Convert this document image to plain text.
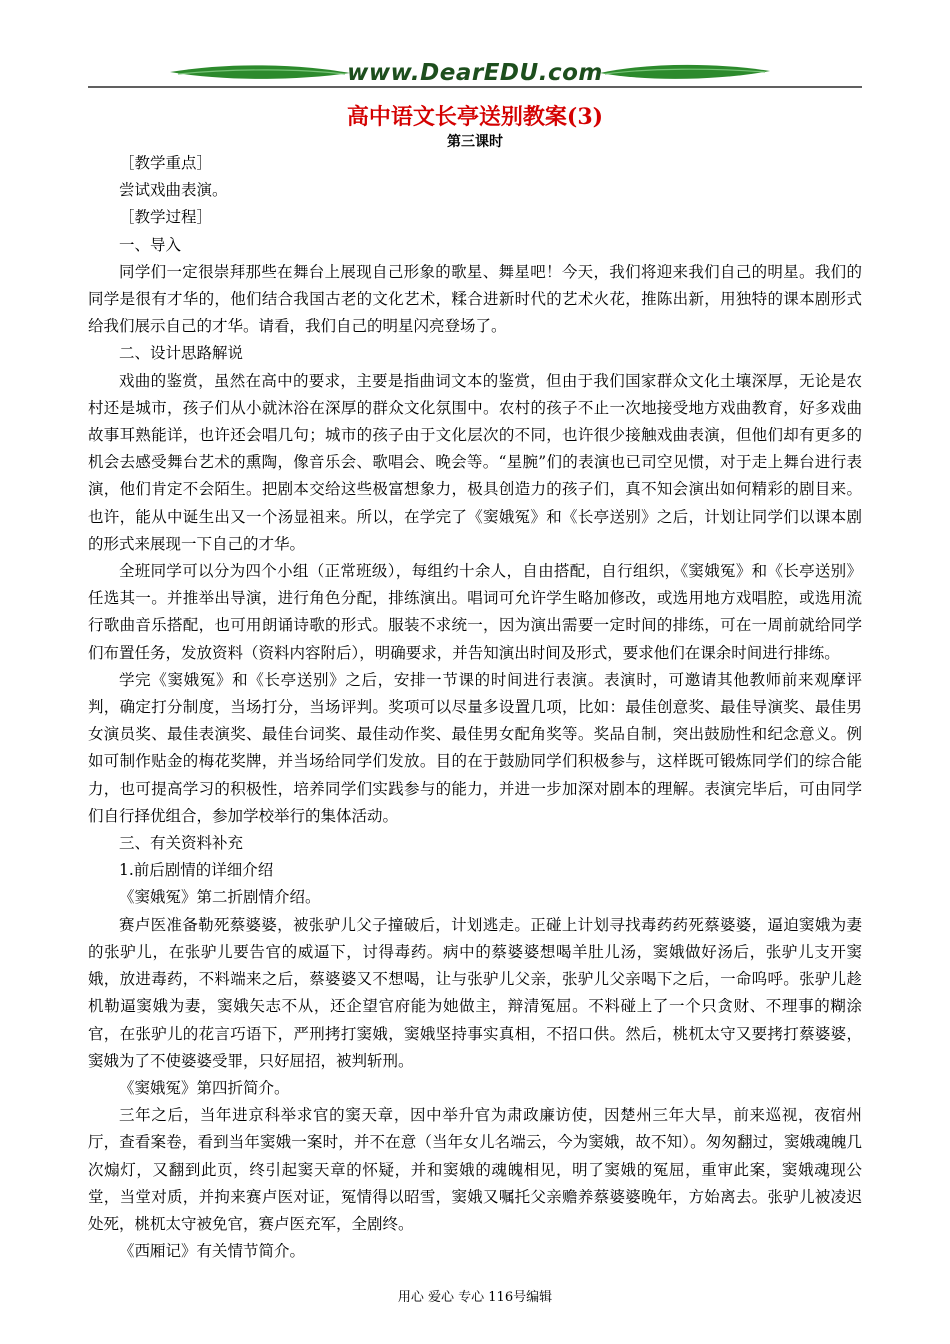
www.DearEDU.com
高中语文长亭送别教案(3)
第三课时

［教学重点］

尝试戏曲表演。

［教学过程］

一、导入

同学们一定很崇拜那些在舞台上展现自己形象的歌星、舞星吧！今天，我们将迎来我们自己的明星。我们的同学是很有才华的，他们结合我国古老的文化艺术，糅合进新时代的艺术火花，推陈出新，用独特的课本剧形式给我们展示自己的才华。请看，我们自己的明星闪亮登场了。

二、设计思路解说

戏曲的鉴赏，虽然在高中的要求，主要是指曲词文本的鉴赏，但由于我们国家群众文化土壤深厚，无论是农村还是城市，孩子们从小就沐浴在深厚的群众文化氛围中。农村的孩子不止一次地接受地方戏曲教育，好多戏曲故事耳熟能详，也许还会唱几句；城市的孩子由于文化层次的不同，也许很少接触戏曲表演，但他们却有更多的机会去感受舞台艺术的熏陶，像音乐会、歌唱会、晚会等。“星腕”们的表演也已司空见惯，对于走上舞台进行表演，他们肯定不会陌生。把剧本交给这些极富想象力，极具创造力的孩子们，真不知会演出如何精彩的剧目来。也许，能从中诞生出又一个汤显祖来。所以，在学完了《窦娥冤》和《长亭送别》之后，计划让同学们以课本剧的形式来展现一下自己的才华。

全班同学可以分为四个小组（正常班级），每组约十余人，自由搭配，自行组织，《窦娥冤》和《长亭送别》任选其一。并推举出导演，进行角色分配，排练演出。唱词可允许学生略加修改，或选用地方戏唱腔，或选用流行歌曲音乐搭配，也可用朗诵诗歌的形式。服装不求统一，因为演出需要一定时间的排练，可在一周前就给同学们布置任务，发放资料（资料内容附后），明确要求，并告知演出时间及形式，要求他们在课余时间进行排练。

学完《窦娥冤》和《长亭送别》之后，安排一节课的时间进行表演。表演时，可邀请其他教师前来观摩评判，确定打分制度，当场打分，当场评判。奖项可以尽量多设置几项，比如：最佳创意奖、最佳导演奖、最佳男女演员奖、最佳表演奖、最佳台词奖、最佳动作奖、最佳男女配角奖等。奖品自制，突出鼓励性和纪念意义。例如可制作贴金的梅花奖牌，并当场给同学们发放。目的在于鼓励同学们积极参与，这样既可锻炼同学们的综合能力，也可提高学习的积极性，培养同学们实践参与的能力，并进一步加深对剧本的理解。表演完毕后，可由同学们自行择优组合，参加学校举行的集体活动。

三、有关资料补充

1.前后剧情的详细介绍

《窦娥冤》第二折剧情介绍。

赛卢医准备勒死蔡婆婆，被张驴儿父子撞破后，计划逃走。正碰上计划寻找毒药药死蔡婆婆，逼迫窦娥为妻的张驴儿，在张驴儿要告官的威逼下，讨得毒药。病中的蔡婆婆想喝羊肚儿汤，窦娥做好汤后，张驴儿支开窦娥，放进毒药，不料端来之后，蔡婆婆又不想喝，让与张驴儿父亲，张驴儿父亲喝下之后，一命呜呼。张驴儿趁机勒逼窦娥为妻，窦娥矢志不从，还企望官府能为她做主，辩清冤屈。不料碰上了一个只贪财、不理事的糊涂官，在张驴儿的花言巧语下，严刑拷打窦娥，窦娥坚持事实真相，不招口供。然后，桃杌太守又要拷打蔡婆婆，窦娥为了不使婆婆受罪，只好屈招，被判斩刑。

《窦娥冤》第四折简介。

三年之后，当年进京科举求官的窦天章，因中举升官为肃政廉访使，因楚州三年大旱，前来巡视，夜宿州厅，查看案卷，看到当年窦娥一案时，并不在意（当年女儿名端云，今为窦娥，故不知）。匆匆翻过，窦娥魂魄几次煽灯，又翻到此页，终引起窦天章的怀疑，并和窦娥的魂魄相见，明了窦娥的冤屈，重审此案，窦娥魂现公堂，当堂对质，并拘来赛卢医对证，冤情得以昭雪，窦娥又嘱托父亲赡养蔡婆婆晚年，方始离去。张驴儿被凌迟处死，桃杌太守被免官，赛卢医充军，全剧终。

《西厢记》有关情节简介。

用心 爱心 专心 116号编辑
